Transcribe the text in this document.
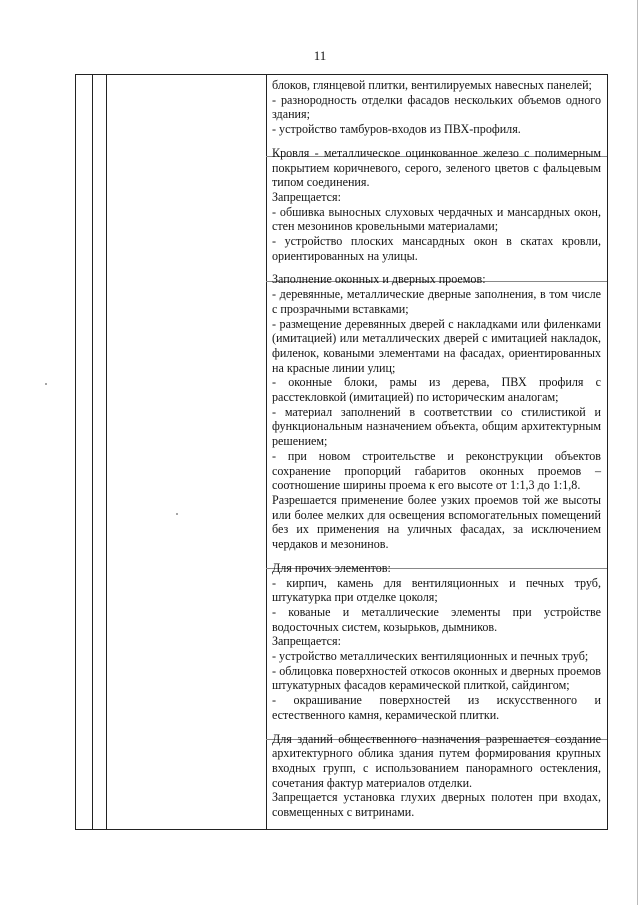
11

блоков, глянцевой плитки, вентилируемых навесных панелей;

- разнородность отделки фасадов нескольких объемов одного здания;

- устройство тамбуров-входов из ПВХ-профиля.

Кровля - металлическое оцинкованное железо с полимерным покрытием коричневого, серого, зеленого цветов с фальцевым типом соединения.

Запрещается:

- обшивка выносных слуховых чердачных и мансардных окон, стен мезонинов кровельными материалами;

- устройство плоских мансардных окон в скатах кровли, ориентированных на улицы.

Заполнение оконных и дверных проемов:

- деревянные, металлические дверные заполнения, в том числе с прозрачными вставками;

- размещение деревянных дверей с накладками или филенками (имитацией) или металлических дверей с имитацией накладок, филенок, коваными элементами на фасадах, ориентированных на красные линии улиц;

- оконные блоки, рамы из дерева, ПВХ профиля с расстекловкой (имитацией) по историческим аналогам;

- материал заполнений в соответствии со стилистикой и функциональным назначением объекта, общим архитектурным решением;

- при новом строительстве и реконструкции объектов сохранение пропорций габаритов оконных проемов – соотношение ширины проема к его высоте от 1:1,3 до 1:1,8.

Разрешается применение более узких проемов той же высоты или более мелких для освещения вспомогательных помещений без их применения на уличных фасадах, за исключением чердаков и мезонинов.

Для прочих элементов:

- кирпич, камень для вентиляционных и печных труб, штукатурка при отделке цоколя;

- кованые и металлические элементы при устройстве водосточных систем, козырьков, дымников.

Запрещается:

- устройство металлических вентиляционных и печных труб;

- облицовка поверхностей откосов оконных и дверных проемов штукатурных фасадов керамической плиткой, сайдингом;

- окрашивание поверхностей из искусственного и естественного камня, керамической плитки.

Для зданий общественного назначения разрешается создание архитектурного облика здания путем формирования крупных входных групп, с использованием панорамного остекления, сочетания фактур материалов отделки.

Запрещается установка глухих дверных полотен при входах, совмещенных с витринами.
